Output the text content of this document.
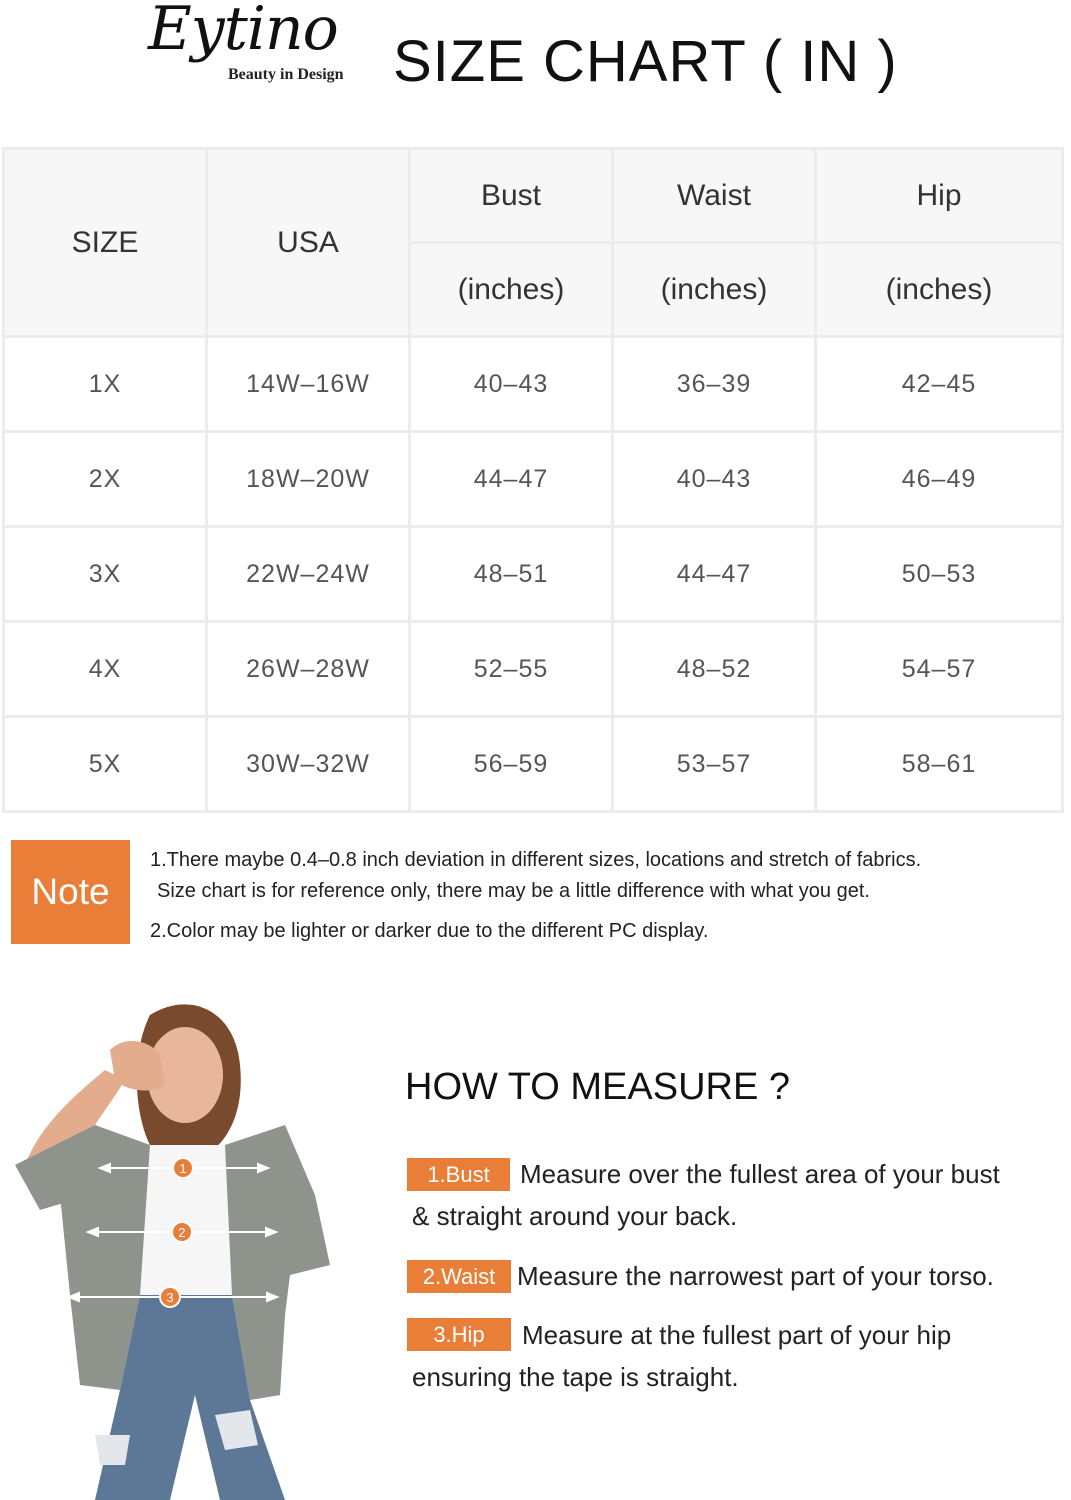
Eytino
Beauty in Design SIZE CHART ( IN )
SIZE	USA	Bust	Waist	Hip
		(inches)	(inches)	(inches)
1X	14W–16W	40–43	36–39	42–45
2X	18W–20W	44–47	40–43	46–49
3X	22W–24W	48–51	44–47	50–53
4X	26W–28W	52–55	48–52	54–57
5X	30W–32W	56–59	53–57	58–61
Note
1.There maybe 0.4–0.8 inch deviation in different sizes, locations and stretch of fabrics.
Size chart is for reference only, there may be a little difference with what you get.
2.Color may be lighter or darker due to the different PC display.
1
2
3
HOW TO MEASURE ?
1.Bust	Measure over the fullest area of your bust
& straight around your back.
2.Waist Measure the narrowest part of your torso.
3.Hip	Measure at the fullest part of your hip
ensuring the tape is straight.
